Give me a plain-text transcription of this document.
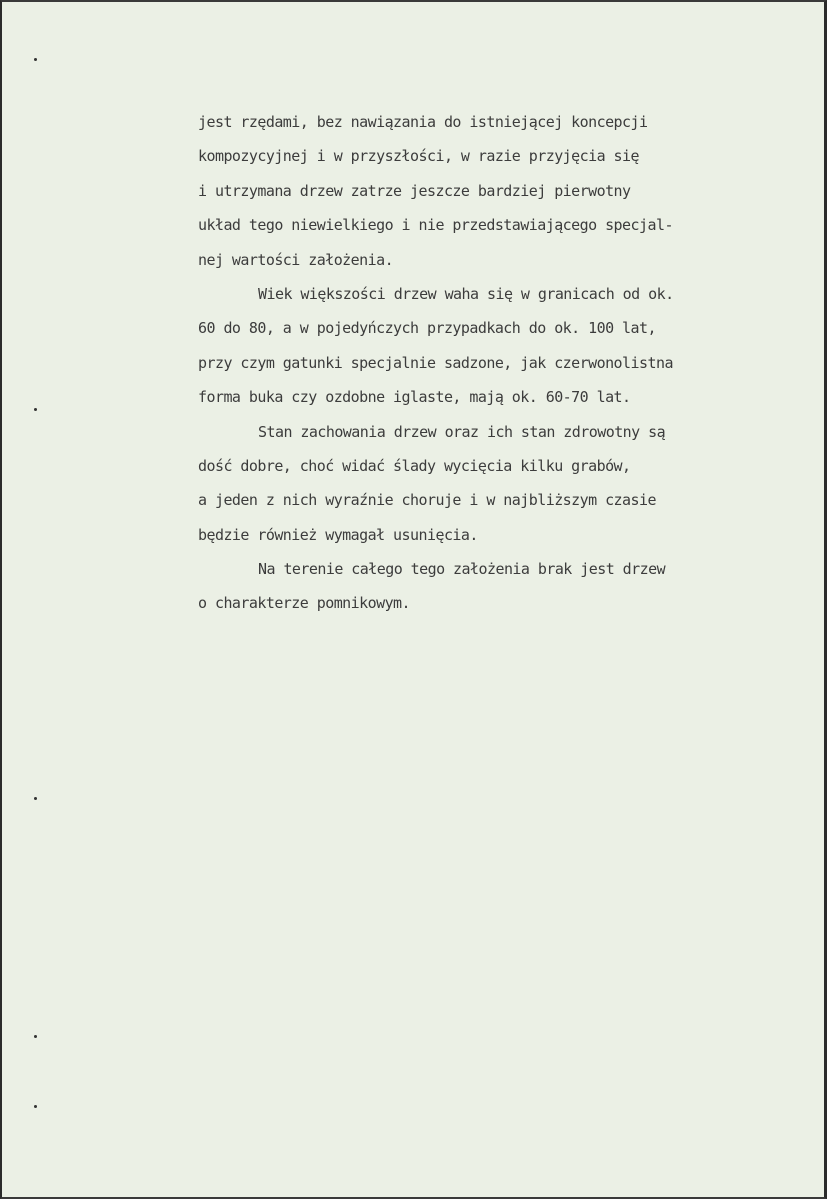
jest rzędami, bez nawiązania do istniejącej koncepcji
kompozycyjnej i w przyszłości, w razie przyjęcia się
i utrzymana drzew zatrze jeszcze bardziej pierwotny
układ tego niewielkiego i nie przedstawiającego specjal-
nej wartości założenia.
Wiek większości drzew waha się w granicach od ok.
60 do 80, a w pojedyńczych przypadkach do ok. 100 lat,
przy czym gatunki specjalnie sadzone, jak czerwonolistna
forma buka czy ozdobne iglaste, mają ok. 60-70 lat.
Stan zachowania drzew oraz ich stan zdrowotny są
dość dobre, choć widać ślady wycięcia kilku grabów,
a jeden z nich wyraźnie choruje i w najbliższym czasie
będzie również wymagał usunięcia.
Na terenie całego tego założenia brak jest drzew
o charakterze pomnikowym.
